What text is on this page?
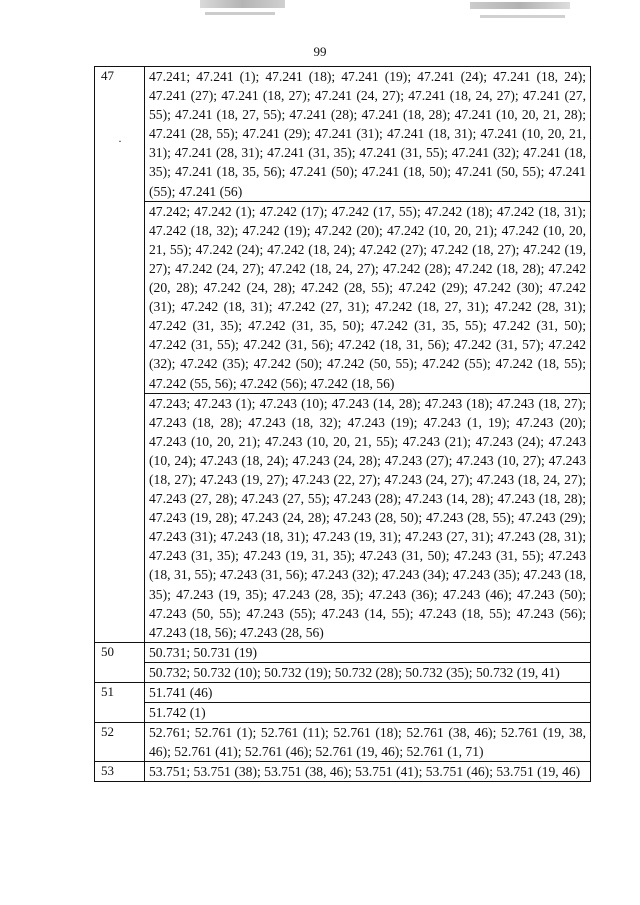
99
·
47	47.241; 47.241 (1); 47.241 (18); 47.241 (19); 47.241 (24); 47.241 (18, 24); 47.241 (27); 47.241 (18, 27); 47.241 (24, 27); 47.241 (18, 24, 27); 47.241 (27, 55); 47.241 (18, 27, 55); 47.241 (28); 47.241 (18, 28); 47.241 (10, 20, 21, 28); 47.241 (28, 55); 47.241 (29); 47.241 (31); 47.241 (18, 31); 47.241 (10, 20, 21, 31); 47.241 (28, 31); 47.241 (31, 35); 47.241 (31, 55); 47.241 (32); 47.241 (18, 35); 47.241 (18, 35, 56); 47.241 (50); 47.241 (18, 50); 47.241 (50, 55); 47.241 (55); 47.241 (56)

	47.242; 47.242 (1); 47.242 (17); 47.242 (17, 55); 47.242 (18); 47.242 (18, 31); 47.242 (18, 32); 47.242 (19); 47.242 (20); 47.242 (10, 20, 21); 47.242 (10, 20, 21, 55); 47.242 (24); 47.242 (18, 24); 47.242 (27); 47.242 (18, 27); 47.242 (19, 27); 47.242 (24, 27); 47.242 (18, 24, 27); 47.242 (28); 47.242 (18, 28); 47.242 (20, 28); 47.242 (24, 28); 47.242 (28, 55); 47.242 (29); 47.242 (30); 47.242 (31); 47.242 (18, 31); 47.242 (27, 31); 47.242 (18, 27, 31); 47.242 (28, 31); 47.242 (31, 35); 47.242 (31, 35, 50); 47.242 (31, 35, 55); 47.242 (31, 50); 47.242 (31, 55); 47.242 (31, 56); 47.242 (18, 31, 56); 47.242 (31, 57); 47.242 (32); 47.242 (35); 47.242 (50); 47.242 (50, 55); 47.242 (55); 47.242 (18, 55); 47.242 (55, 56); 47.242 (56); 47.242 (18, 56)

	47.243; 47.243 (1); 47.243 (10); 47.243 (14, 28); 47.243 (18); 47.243 (18, 27); 47.243 (18, 28); 47.243 (18, 32); 47.243 (19); 47.243 (1, 19); 47.243 (20); 47.243 (10, 20, 21); 47.243 (10, 20, 21, 55); 47.243 (21); 47.243 (24); 47.243 (10, 24); 47.243 (18, 24); 47.243 (24, 28); 47.243 (27); 47.243 (10, 27); 47.243 (18, 27); 47.243 (19, 27); 47.243 (22, 27); 47.243 (24, 27); 47.243 (18, 24, 27); 47.243 (27, 28); 47.243 (27, 55); 47.243 (28); 47.243 (14, 28); 47.243 (18, 28); 47.243 (19, 28); 47.243 (24, 28); 47.243 (28, 50); 47.243 (28, 55); 47.243 (29); 47.243 (31); 47.243 (18, 31); 47.243 (19, 31); 47.243 (27, 31); 47.243 (28, 31); 47.243 (31, 35); 47.243 (19, 31, 35); 47.243 (31, 50); 47.243 (31, 55); 47.243 (18, 31, 55); 47.243 (31, 56); 47.243 (32); 47.243 (34); 47.243 (35); 47.243 (18, 35); 47.243 (19, 35); 47.243 (28, 35); 47.243 (36); 47.243 (46); 47.243 (50); 47.243 (50, 55); 47.243 (55); 47.243 (14, 55); 47.243 (18, 55); 47.243 (56); 47.243 (18, 56); 47.243 (28, 56)

50	50.731; 50.731 (19)

	50.732; 50.732 (10); 50.732 (19); 50.732 (28); 50.732 (35); 50.732 (19, 41)

51	51.741 (46)

	51.742 (1)

52	52.761; 52.761 (1); 52.761 (11); 52.761 (18); 52.761 (38, 46); 52.761 (19, 38, 46); 52.761 (41); 52.761 (46); 52.761 (19, 46); 52.761 (1, 71)

53	53.751; 53.751 (38); 53.751 (38, 46); 53.751 (41); 53.751 (46); 53.751 (19, 46)
